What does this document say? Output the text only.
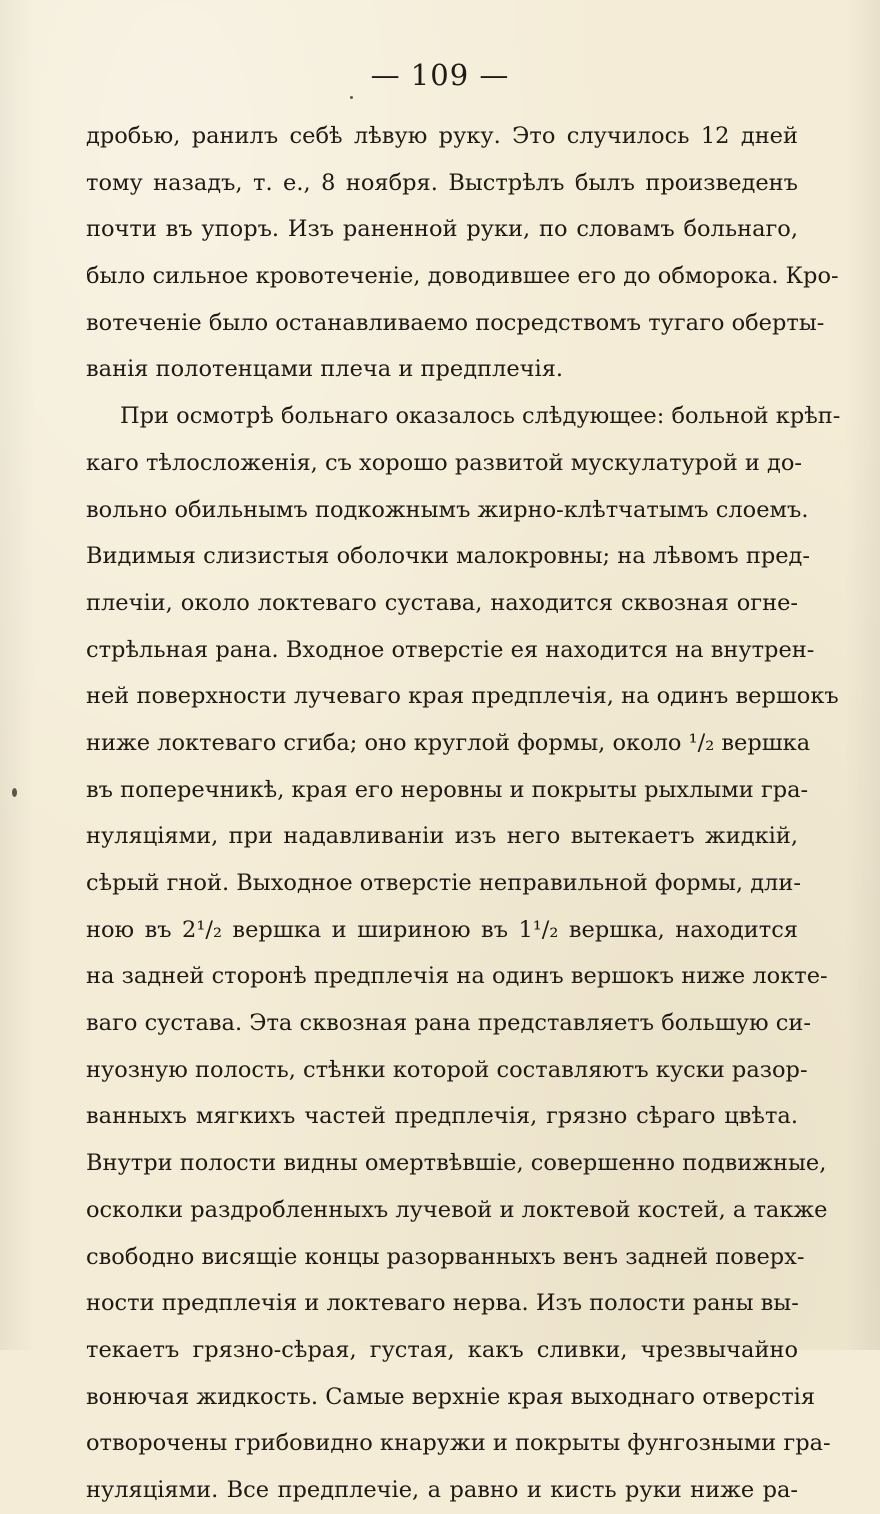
— 109 —
дробью, ранилъ себѣ лѣвую руку. Это случилось 12 дней
тому назадъ, т. е., 8 ноября. Выстрѣлъ былъ произведенъ
почти въ упоръ. Изъ раненной руки, по словамъ больнаго,
было сильное кровотеченіе, доводившее его до обморока. Кро-
вотеченіе было останавливаемо посредствомъ тугаго оберты-
ванія полотенцами плеча и предплечія.
При осмотрѣ больнаго оказалось слѣдующее: больной крѣп-
каго тѣлосложенія, съ хорошо развитой мускулатурой и до-
вольно обильнымъ подкожнымъ жирно-клѣтчатымъ слоемъ.
Видимыя слизистыя оболочки малокровны; на лѣвомъ пред-
плечіи, около локтеваго сустава, находится сквозная огне-
стрѣльная рана. Входное отверстіе ея находится на внутрен-
ней поверхности лучеваго края предплечія, на одинъ вершокъ
ниже локтеваго сгиба; оно круглой формы, около ¹/₂ вершка
въ поперечникѣ, края его неровны и покрыты рыхлыми гра-
нуляціями, при надавливаніи изъ него вытекаетъ жидкій,
сѣрый гной. Выходное отверстіе неправильной формы, дли-
ною въ 2¹/₂ вершка и шириною въ 1¹/₂ вершка, находится
на задней сторонѣ предплечія на одинъ вершокъ ниже локте-
ваго сустава. Эта сквозная рана представляетъ большую си-
нуозную полость, стѣнки которой составляютъ куски разор-
ванныхъ мягкихъ частей предплечія, грязно сѣраго цвѣта.
Внутри полости видны омертвѣвшіе, совершенно подвижные,
осколки раздробленныхъ лучевой и локтевой костей, а также
свободно висящіе концы разорванныхъ венъ задней поверх-
ности предплечія и локтеваго нерва. Изъ полости раны вы-
текаетъ грязно-сѣрая, густая, какъ сливки, чрезвычайно
вонючая жидкость. Самые верхніе края выходнаго отверстія
отворочены грибовидно кнаружи и покрыты фунгозными гра-
нуляціями. Все предплечіе, а равно и кисть руки ниже ра-
